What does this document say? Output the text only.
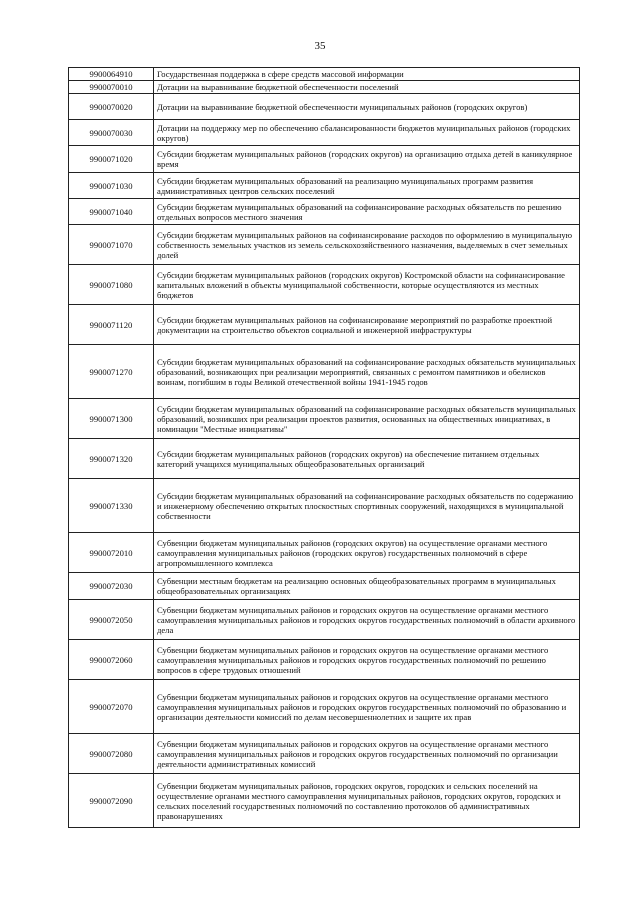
35
9900064910	Государственная поддержка в сфере средств массовой информации
9900070010	Дотации на выравнивание бюджетной обеспеченности поселений
9900070020	Дотации на выравнивание бюджетной обеспеченности муниципальных районов (городских округов)
9900070030	Дотации на поддержку мер по обеспечению сбалансированности бюджетов муниципальных районов (городских округов)
9900071020	Субсидии бюджетам муниципальных районов (городских округов) на организацию отдыха детей в каникулярное время
9900071030	Субсидии бюджетам муниципальных образований на реализацию муниципальных программ развития административных центров сельских поселений
9900071040	Субсидии бюджетам муниципальных образований на софинансирование расходных обязательств по решению отдельных вопросов местного значения
9900071070	Субсидии бюджетам муниципальных районов на софинансирование расходов по оформлению в муниципальную собственность земельных участков из земель сельскохозяйственного назначения, выделяемых в счет земельных долей
9900071080	Субсидии бюджетам муниципальных районов (городских округов) Костромской области на софинансирование капитальных вложений в объекты муниципальной собственности, которые осуществляются из местных бюджетов
9900071120	Субсидии бюджетам муниципальных районов на софинансирование мероприятий по разработке проектной документации на строительство объектов социальной и инженерной инфраструктуры
9900071270	Субсидии бюджетам муниципальных образований на софинансирование расходных обязательств муниципальных образований, возникающих при реализации мероприятий, связанных с ремонтом памятников и обелисков воинам, погибшим в годы Великой отечественной войны 1941-1945 годов
9900071300	Субсидии бюджетам муниципальных образований на софинансирование расходных обязательств муниципальных образований, возникших при реализации проектов развития, основанных на общественных инициативах, в номинации "Местные инициативы"
9900071320	Субсидии бюджетам муниципальных районов (городских округов) на обеспечение питанием отдельных категорий учащихся муниципальных общеобразовательных организаций
9900071330	Субсидии бюджетам муниципальных образований на софинансирование расходных обязательств по содержанию и инженерному обеспечению открытых плоскостных спортивных сооружений, находящихся в муниципальной собственности
9900072010	Субвенции бюджетам муниципальных районов (городских округов) на осуществление органами местного самоуправления муниципальных районов (городских округов) государственных полномочий в сфере агропромышленного комплекса
9900072030	Субвенции местным бюджетам на реализацию основных общеобразовательных программ в муниципальных общеобразовательных организациях
9900072050	Субвенции бюджетам муниципальных районов и городских округов на осуществление органами местного самоуправления муниципальных районов и городских округов государственных полномочий в области архивного дела
9900072060	Субвенции бюджетам муниципальных районов и городских округов на осуществление органами местного самоуправления муниципальных районов и городских округов государственных полномочий по решению вопросов в сфере трудовых отношений
9900072070	Субвенции бюджетам муниципальных районов и городских округов на осуществление органами местного самоуправления муниципальных районов и городских округов государственных полномочий по образованию и организации деятельности комиссий по делам несовершеннолетних и защите их прав
9900072080	Субвенции бюджетам муниципальных районов и городских округов на осуществление органами местного самоуправления муниципальных районов и городских округов государственных полномочий по организации деятельности административных комиссий
9900072090	Субвенции бюджетам муниципальных районов, городских округов, городских и сельских поселений на осуществление органами местного самоуправления муниципальных районов, городских округов, городских и сельских поселений государственных полномочий по составлению протоколов об административных правонарушениях
